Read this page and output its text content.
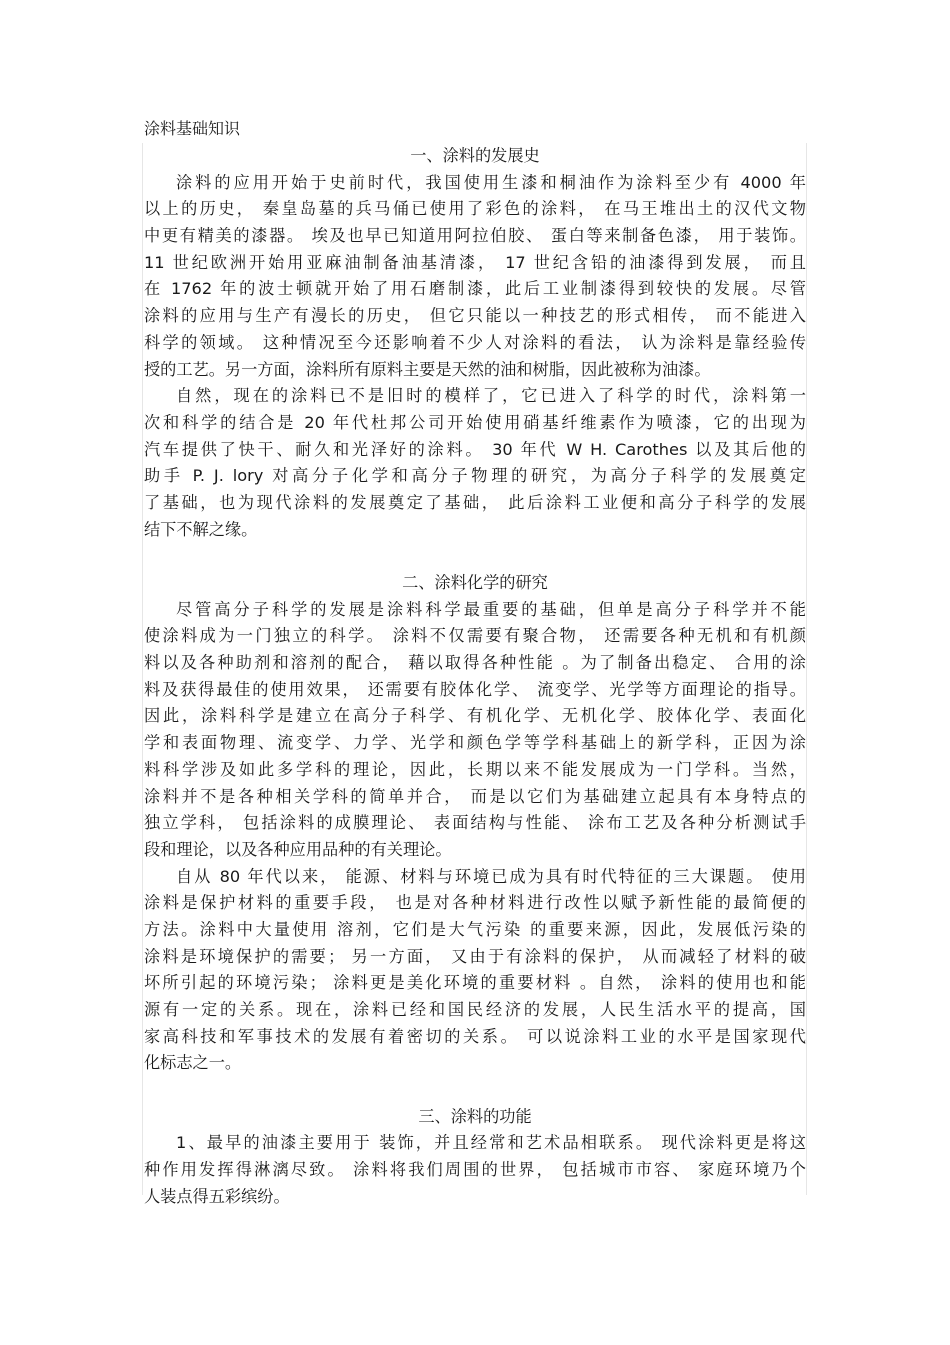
涂料基础知识
一、涂料的发展史
涂料的应用开始于史前时代，我国使用生漆和桐油作为涂料至少有 4000 年
以上的历史， 秦皇岛墓的兵马俑已使用了彩色的涂料， 在马王堆出土的汉代文物
中更有精美的漆器。 埃及也早已知道用阿拉伯胶、 蛋白等来制备色漆， 用于装饰。
11 世纪欧洲开始用亚麻油制备油基清漆， 17 世纪含铅的油漆得到发展， 而且
在 1762 年的波士顿就开始了用石磨制漆，此后工业制漆得到较快的发展。尽管
涂料的应用与生产有漫长的历史， 但它只能以一种技艺的形式相传， 而不能进入
科学的领域。 这种情况至今还影响着不少人对涂料的看法， 认为涂料是靠经验传
授的工艺。另一方面，涂料所有原料主要是天然的油和树脂，因此被称为油漆。
自然，现在的涂料已不是旧时的模样了，它已进入了科学的时代，涂料第一
次和科学的结合是 20 年代杜邦公司开始使用硝基纤维素作为喷漆，它的出现为
汽车提供了快干、耐久和光泽好的涂料。 30 年代 W H. Carothes 以及其后他的
助手 P. J. lory 对高分子化学和高分子物理的研究，为高分子科学的发展奠定
了基础，也为现代涂料的发展奠定了基础， 此后涂料工业便和高分子科学的发展
结下不解之缘。
二、涂料化学的研究
尽管高分子科学的发展是涂料科学最重要的基础，但单是高分子科学并不能
使涂料成为一门独立的科学。 涂料不仅需要有聚合物， 还需要各种无机和有机颜
料以及各种助剂和溶剂的配合， 藉以取得各种性能 。为了制备出稳定、 合用的涂
料及获得最佳的使用效果， 还需要有胶体化学、 流变学、光学等方面理论的指导。
因此，涂料科学是建立在高分子科学、有机化学、无机化学、胶体化学、表面化
学和表面物理、流变学、力学、光学和颜色学等学科基础上的新学科，正因为涂
料科学涉及如此多学科的理论，因此，长期以来不能发展成为一门学科。当然，
涂料并不是各种相关学科的简单并合， 而是以它们为基础建立起具有本身特点的
独立学科， 包括涂料的成膜理论、 表面结构与性能、 涂布工艺及各种分析测试手
段和理论，以及各种应用品种的有关理论。
自从 80 年代以来， 能源、材料与环境已成为具有时代特征的三大课题。 使用
涂料是保护材料的重要手段， 也是对各种材料进行改性以赋予新性能的最简便的
方法。涂料中大量使用 溶剂，它们是大气污染 的重要来源，因此，发展低污染的
涂料是环境保护的需要； 另一方面， 又由于有涂料的保护， 从而减轻了材料的破
坏所引起的环境污染； 涂料更是美化环境的重要材料 。自然， 涂料的使用也和能
源有一定的关系。现在，涂料已经和国民经济的发展，人民生活水平的提高，国
家高科技和军事技术的发展有着密切的关系。 可以说涂料工业的水平是国家现代
化标志之一。
三、涂料的功能
1、最早的油漆主要用于 装饰，并且经常和艺术品相联系。 现代涂料更是将这
种作用发挥得淋漓尽致。 涂料将我们周围的世界， 包括城市市容、 家庭环境乃个
人装点得五彩缤纷。
